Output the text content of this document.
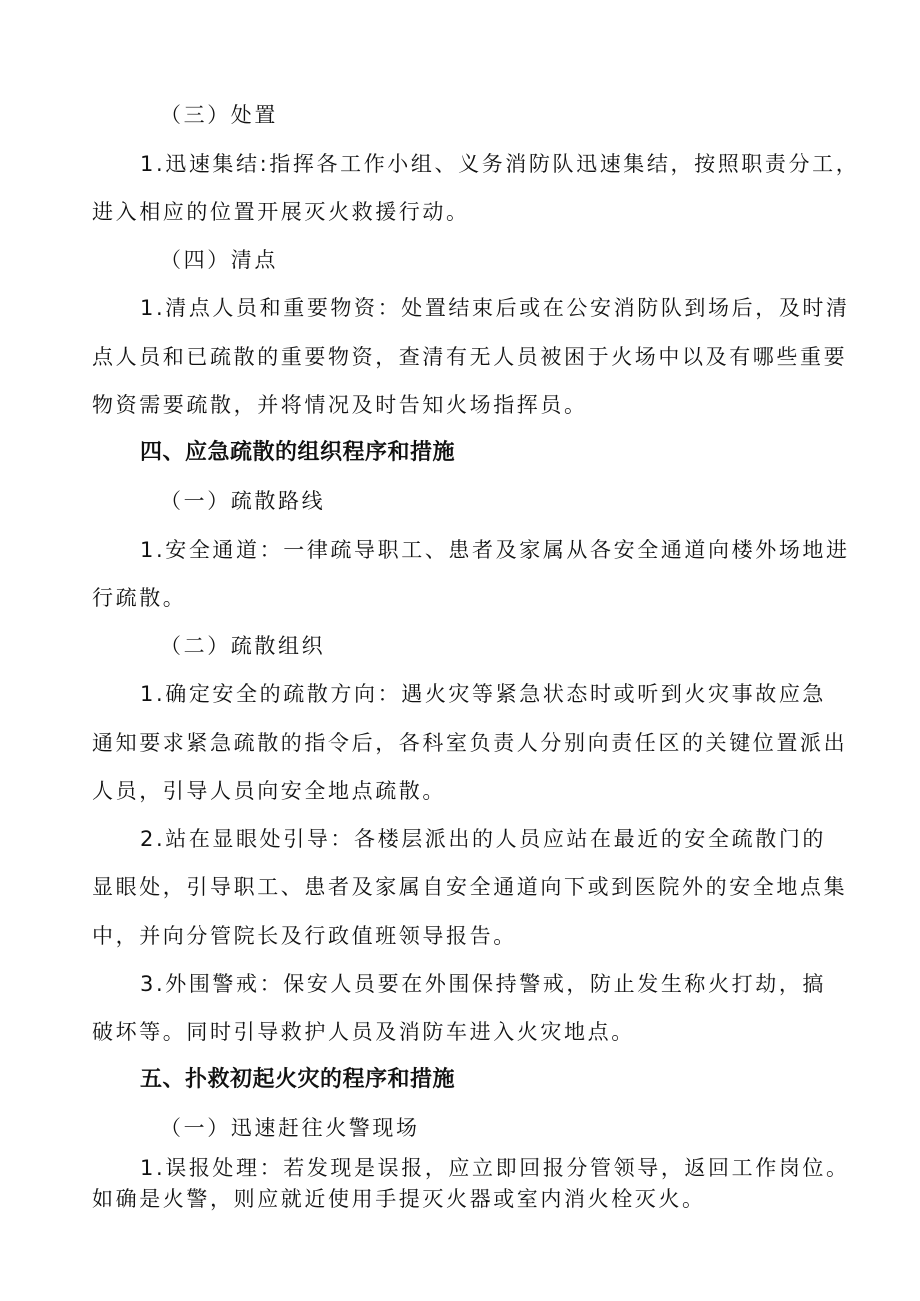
（三）处置
1.迅速集结:指挥各工作小组、义务消防队迅速集结，按照职责分工，
进入相应的位置开展灭火救援行动。
（四）清点
1.清点人员和重要物资：处置结束后或在公安消防队到场后，及时清
点人员和已疏散的重要物资，查清有无人员被困于火场中以及有哪些重要
物资需要疏散，并将情况及时告知火场指挥员。
四、应急疏散的组织程序和措施
（一）疏散路线
1.安全通道：一律疏导职工、患者及家属从各安全通道向楼外场地进
行疏散。
（二）疏散组织
1.确定安全的疏散方向：遇火灾等紧急状态时或听到火灾事故应急
通知要求紧急疏散的指令后，各科室负责人分别向责任区的关键位置派出
人员，引导人员向安全地点疏散。
2.站在显眼处引导：各楼层派出的人员应站在最近的安全疏散门的
显眼处，引导职工、患者及家属自安全通道向下或到医院外的安全地点集
中，并向分管院长及行政值班领导报告。
3.外围警戒：保安人员要在外围保持警戒，防止发生称火打劫，搞
破坏等。同时引导救护人员及消防车进入火灾地点。
五、扑救初起火灾的程序和措施
（一）迅速赶往火警现场
1.误报处理：若发现是误报，应立即回报分管领导，返回工作岗位。
如确是火警，则应就近使用手提灭火器或室内消火栓灭火。
